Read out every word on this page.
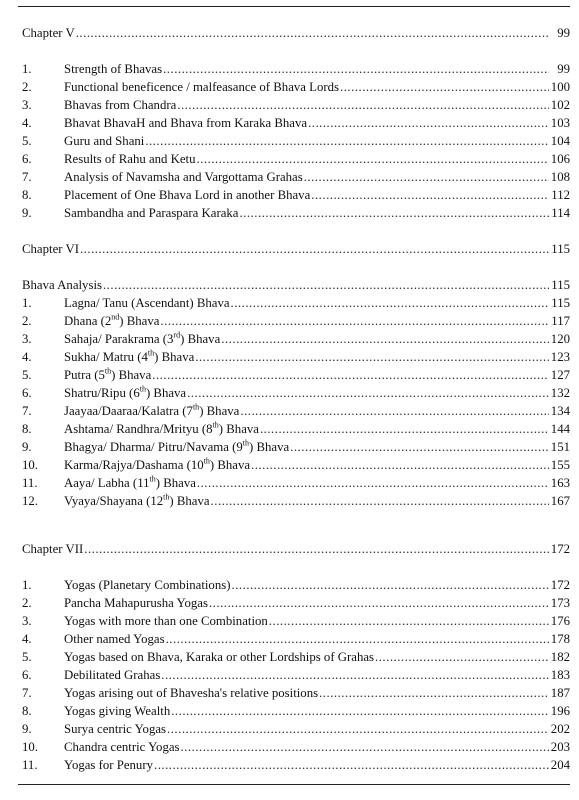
Chapter V .....	99
1.	Strength of Bhavas .....	99
2.	Functional beneficence / malfeasance of Bhava Lords .....	100
3.	Bhavas from Chandra .....	102
4.	Bhavat BhavaH and Bhava from Karaka Bhava .....	103
5.	Guru and Shani .....	104
6.	Results of Rahu and Ketu .....	106
7.	Analysis of Navamsha and Vargottama Grahas .....	108
8.	Placement of One Bhava Lord in another Bhava .....	112
9.	Sambandha and Paraspara Karaka .....	114
Chapter VI .....	115
Bhava Analysis .....	115
1.	Lagna/ Tanu (Ascendant) Bhava .....	115
2.	Dhana (2nd) Bhava .....	117
3.	Sahaja/ Parakrama (3rd) Bhava .....	120
4.	Sukha/ Matru (4th) Bhava .....	123
5.	Putra (5th) Bhava .....	127
6.	Shatru/Ripu (6th) Bhava .....	132
7.	Jaayaa/Daaraa/Kalatra (7th) Bhava .....	134
8.	Ashtama/ Randhra/Mrityu (8th) Bhava .....	144
9.	Bhagya/ Dharma/ Pitru/Navama (9th) Bhava .....	151
10.	Karma/Rajya/Dashama (10th) Bhava .....	155
11.	Aaya/ Labha (11th) Bhava .....	163
12.	Vyaya/Shayana (12th) Bhava .....	167
Chapter VII .....	172
1.	Yogas (Planetary Combinations) .....	172
2.	Pancha Mahapurusha Yogas .....	173
3.	Yogas with more than one Combination .....	176
4.	Other named Yogas .....	178
5.	Yogas based on Bhava, Karaka or other Lordships of Grahas .....	182
6.	Debilitated Grahas .....	183
7.	Yogas arising out of Bhavesha's relative positions .....	187
8.	Yogas giving Wealth .....	196
9.	Surya centric Yogas .....	202
10.	Chandra centric Yogas .....	203
11.	Yogas for Penury .....	204
